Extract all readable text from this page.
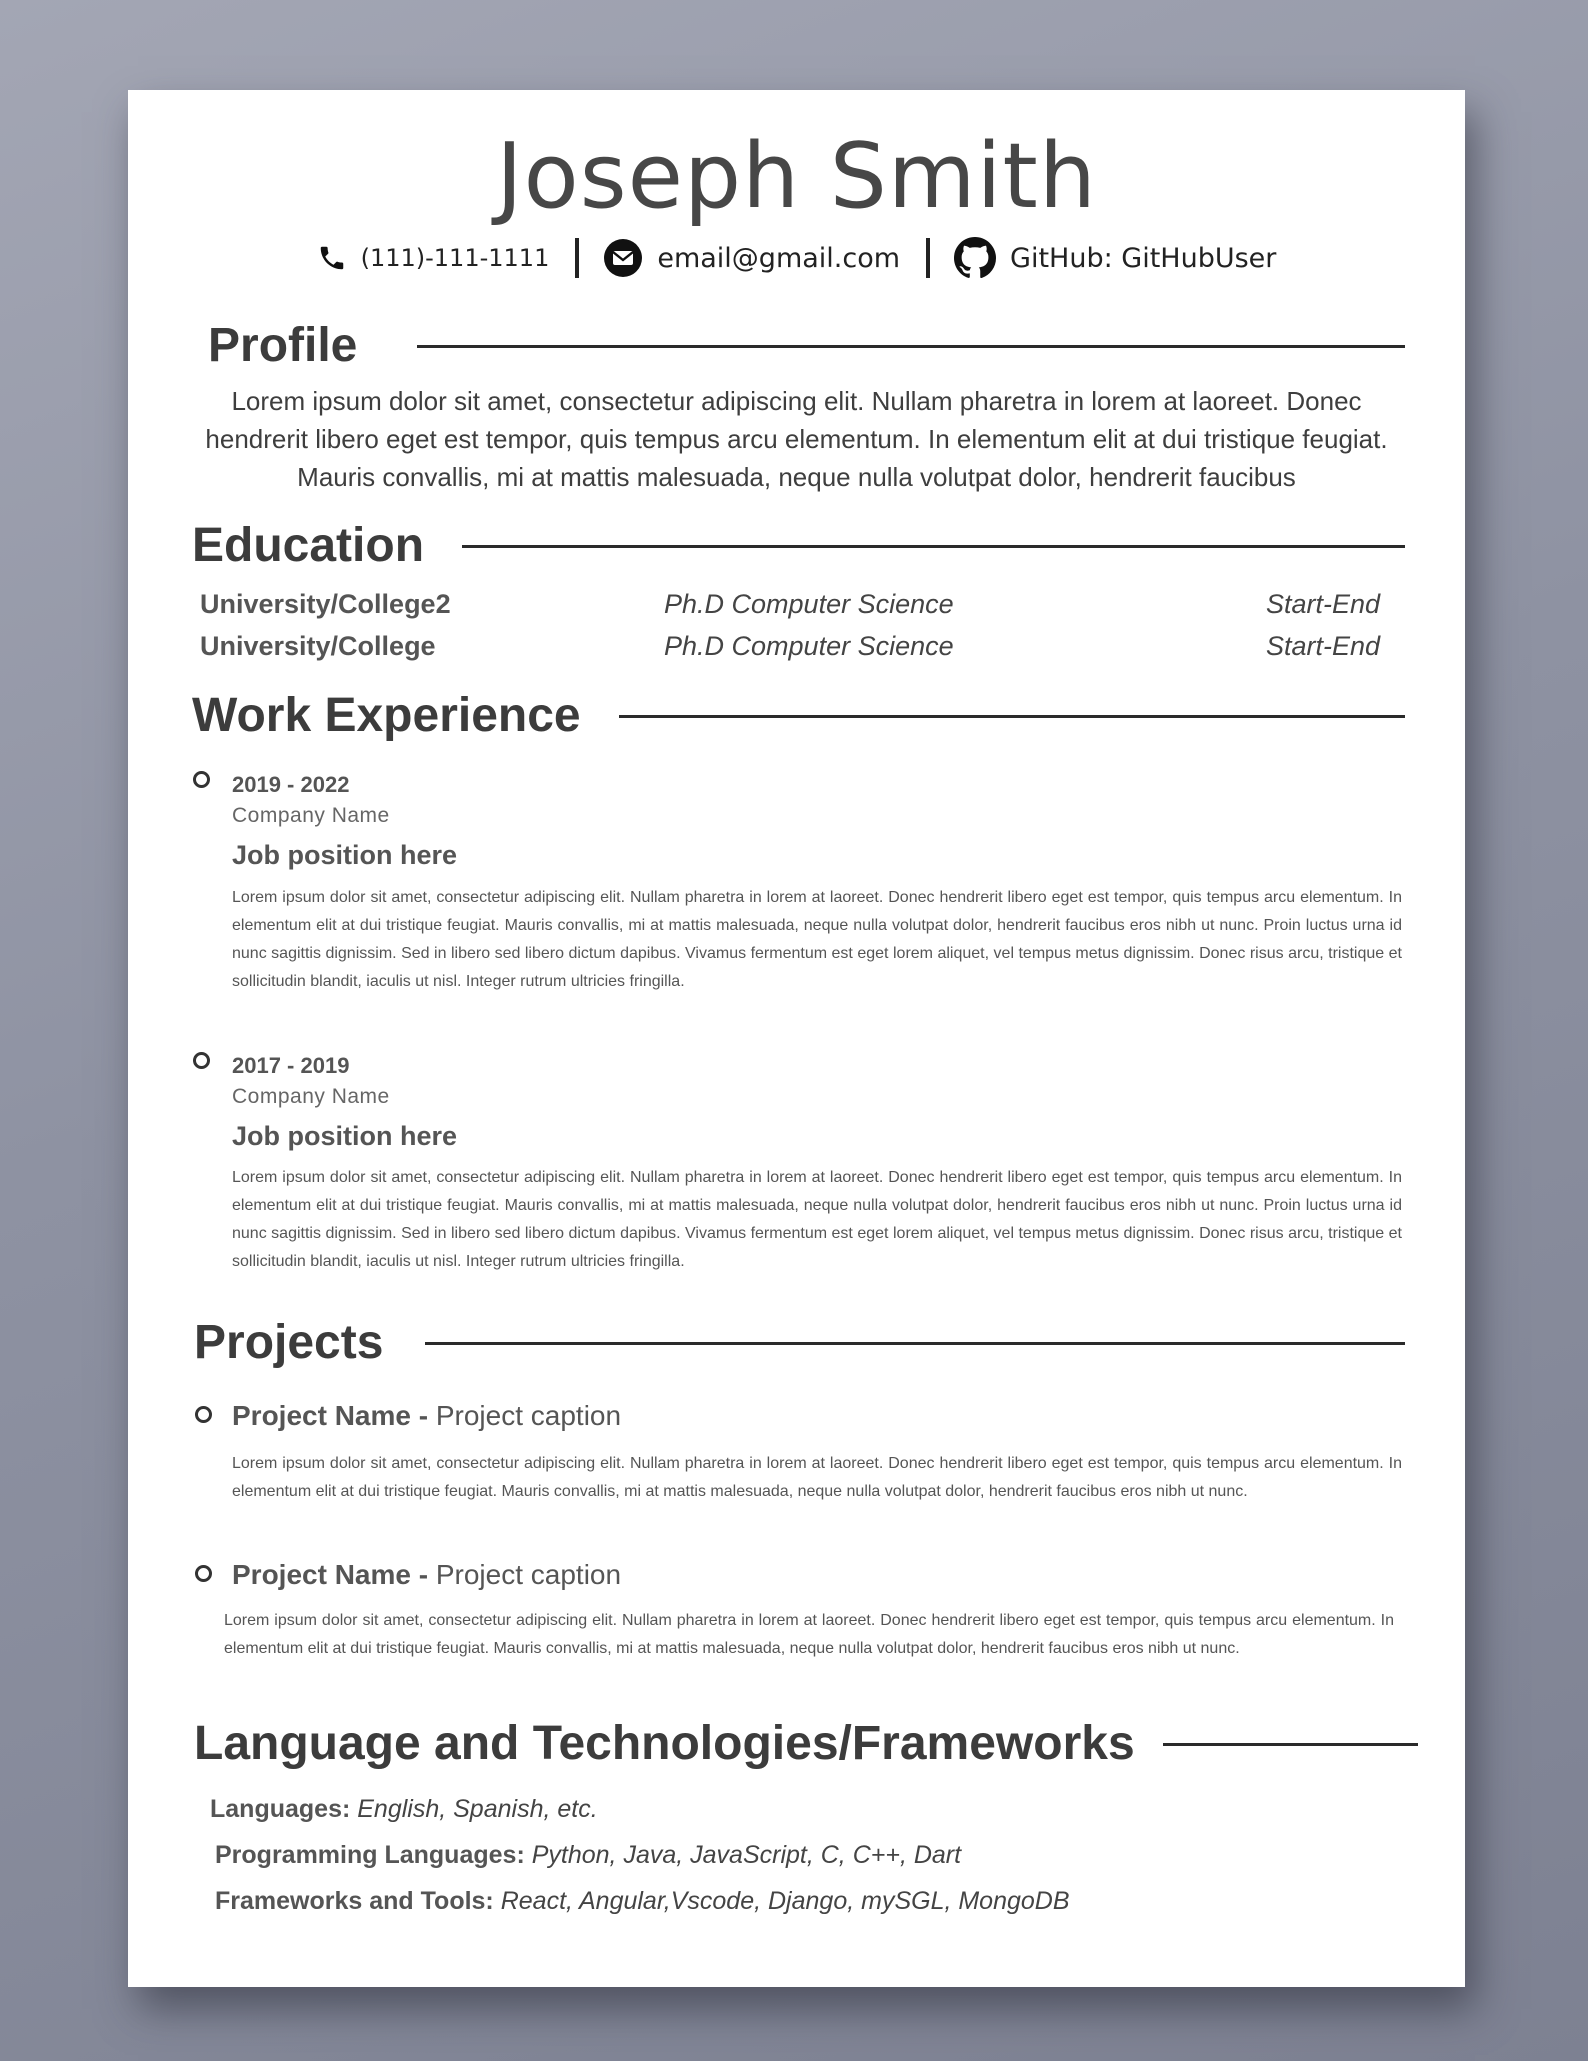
Joseph Smith
(111)-111-1111	email@gmail.com	GitHub: GitHubUser
Profile
Lorem ipsum dolor sit amet, consectetur adipiscing elit. Nullam pharetra in lorem at laoreet. Donec hendrerit libero eget est tempor, quis tempus arcu elementum. In elementum elit at dui tristique feugiat. Mauris convallis, mi at mattis malesuada, neque nulla volutpat dolor, hendrerit faucibus
Education
University/College2	Ph.D Computer Science	Start-End
University/College	Ph.D Computer Science	Start-End
Work Experience
2019 - 2022
Company Name
Job position here
Lorem ipsum dolor sit amet, consectetur adipiscing elit. Nullam pharetra in lorem at laoreet. Donec hendrerit libero eget est tempor, quis tempus arcu elementum. In elementum elit at dui tristique feugiat. Mauris convallis, mi at mattis malesuada, neque nulla volutpat dolor, hendrerit faucibus eros nibh ut nunc. Proin luctus urna id nunc sagittis dignissim. Sed in libero sed libero dictum dapibus. Vivamus fermentum est eget lorem aliquet, vel tempus metus dignissim. Donec risus arcu, tristique et sollicitudin blandit, iaculis ut nisl. Integer rutrum ultricies fringilla.
2017 - 2019
Company Name
Job position here
Lorem ipsum dolor sit amet, consectetur adipiscing elit. Nullam pharetra in lorem at laoreet. Donec hendrerit libero eget est tempor, quis tempus arcu elementum. In elementum elit at dui tristique feugiat. Mauris convallis, mi at mattis malesuada, neque nulla volutpat dolor, hendrerit faucibus eros nibh ut nunc. Proin luctus urna id nunc sagittis dignissim. Sed in libero sed libero dictum dapibus. Vivamus fermentum est eget lorem aliquet, vel tempus metus dignissim. Donec risus arcu, tristique et sollicitudin blandit, iaculis ut nisl. Integer rutrum ultricies fringilla.
Projects
Project Name - Project caption
Lorem ipsum dolor sit amet, consectetur adipiscing elit. Nullam pharetra in lorem at laoreet. Donec hendrerit libero eget est tempor, quis tempus arcu elementum. In elementum elit at dui tristique feugiat. Mauris convallis, mi at mattis malesuada, neque nulla volutpat dolor, hendrerit faucibus eros nibh ut nunc.
Project Name - Project caption
Lorem ipsum dolor sit amet, consectetur adipiscing elit. Nullam pharetra in lorem at laoreet. Donec hendrerit libero eget est tempor, quis tempus arcu elementum. In elementum elit at dui tristique feugiat. Mauris convallis, mi at mattis malesuada, neque nulla volutpat dolor, hendrerit faucibus eros nibh ut nunc.
Language and Technologies/Frameworks
Languages: English, Spanish, etc.
Programming Languages: Python, Java, JavaScript, C, C++, Dart
Frameworks and Tools: React, Angular,Vscode, Django, mySGL, MongoDB
